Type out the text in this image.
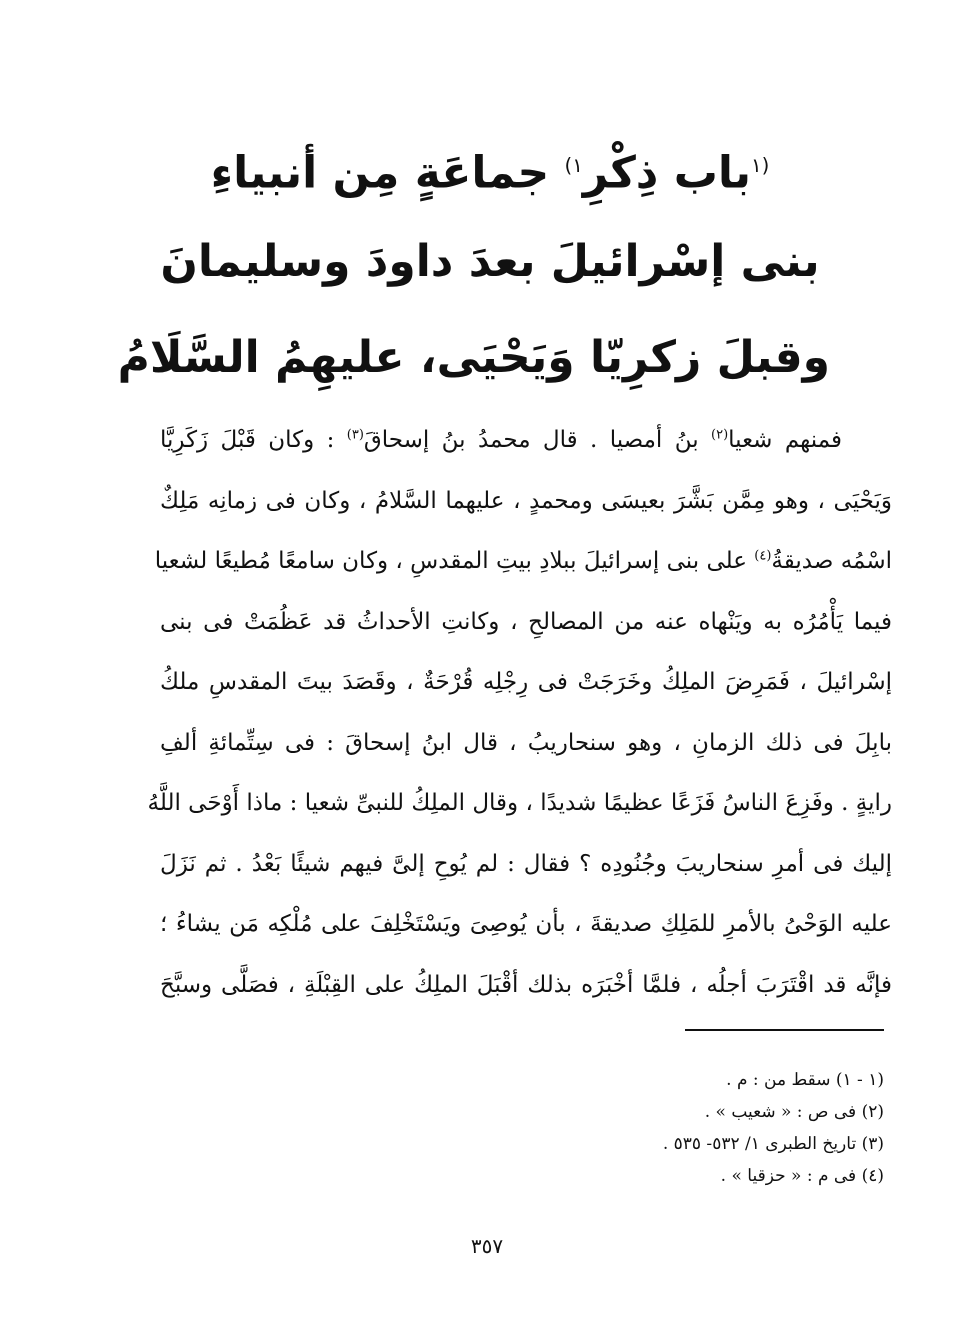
$^{(١}$باب ذِكْرِ$^{١)}$ جماعَةٍ مِن أنبياءِ
بنى إسْرائيلَ بعدَ داودَ وسليمانَ
وقبلَ زكرِيّا وَيَحْيَى، عليهِمُ السَّلَامُ
فمنهم شعيا$^{(٢)}$ بنُ أمصيا . قال محمدُ بنُ إسحاقَ$^{(٣)}$ : وكان قَبْلَ زَكَرِيَّا
وَيَحْيَى ، وهو مِمَّن بَشَّرَ بعيسَى ومحمدٍ ، عليهما السَّلامُ ، وكان فى زمانِه مَلِكٌ
اسْمُه صديقةُ$^{(٤)}$ على بنى إسرائيلَ ببلادِ بيتِ المقدسِ ، وكان سامعًا مُطيعًا لشعيا
فيما يَأْمُرُه به ويَنْهاه عنه من المصالحِ ، وكانتِ الأحداثُ قد عَظُمَتْ فى بنى
إسْرائيلَ ، فَمَرِضَ الملِكُ وخَرَجَتْ فى رِجْلِه قُرْحَةٌ ، وقَصَدَ بيتَ المقدسِ ملكُ
بابِلَ فى ذلك الزمانِ ، وهو سنحاريبُ ، قال ابنُ إسحاقَ : فى سِتِّمائةِ ألفِ
رايةٍ . وفَزِعَ الناسُ فَزَعًا عظيمًا شديدًا ، وقال الملِكُ للنبىِّ شعيا : ماذا أَوْحَى اللَّهُ
إليك فى أمرِ سنحاريبَ وجُنُودِه ؟ فقال : لم يُوحِ إلىَّ فيهم شيئًا بَعْدُ . ثم نَزَلَ
عليه الوَحْىُ بالأمرِ للمَلِكِ صديقةَ ، بأن يُوصِىَ ويَسْتَخْلِفَ على مُلْكِه مَن يشاءُ ؛
فإنَّه قد اقْتَرَبَ أجلُه ، فلمَّا أخْبَرَه بذلك أقْبَلَ الملِكُ على القِبْلَةِ ، فصَلَّى وسبَّحَ
(١ - ١) سقط من : م .
(٢) فى ص : « شعيب » .
(٣) تاريخ الطبرى ١/ ٥٣٢- ٥٣٥ .
(٤) فى م : « حزقيا » .
٣٥٧
